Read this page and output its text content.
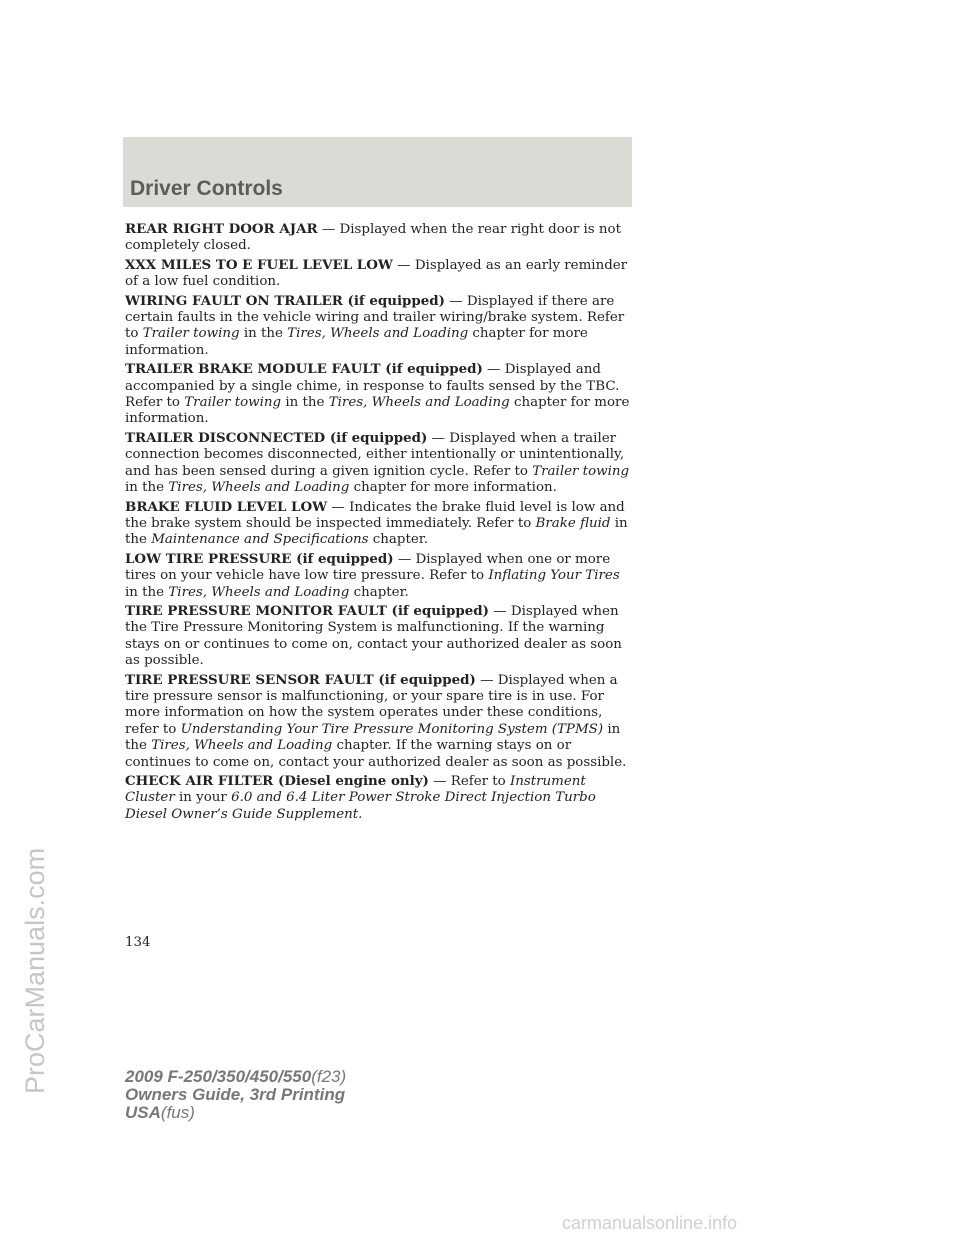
Driver Controls

REAR RIGHT DOOR AJAR — Displayed when the rear right door is not completely closed.

XXX MILES TO E FUEL LEVEL LOW — Displayed as an early reminder of a low fuel condition.

WIRING FAULT ON TRAILER (if equipped) — Displayed if there are certain faults in the vehicle wiring and trailer wiring/brake system. Refer to Trailer towing in the Tires, Wheels and Loading chapter for more information.

TRAILER BRAKE MODULE FAULT (if equipped) — Displayed and accompanied by a single chime, in response to faults sensed by the TBC. Refer to Trailer towing in the Tires, Wheels and Loading chapter for more information.

TRAILER DISCONNECTED (if equipped) — Displayed when a trailer connection becomes disconnected, either intentionally or unintentionally, and has been sensed during a given ignition cycle. Refer to Trailer towing in the Tires, Wheels and Loading chapter for more information.

BRAKE FLUID LEVEL LOW — Indicates the brake fluid level is low and the brake system should be inspected immediately. Refer to Brake fluid in the Maintenance and Specifications chapter.

LOW TIRE PRESSURE (if equipped) — Displayed when one or more tires on your vehicle have low tire pressure. Refer to Inflating Your Tires in the Tires, Wheels and Loading chapter.

TIRE PRESSURE MONITOR FAULT (if equipped) — Displayed when the Tire Pressure Monitoring System is malfunctioning. If the warning stays on or continues to come on, contact your authorized dealer as soon as possible.

TIRE PRESSURE SENSOR FAULT (if equipped) — Displayed when a tire pressure sensor is malfunctioning, or your spare tire is in use. For more information on how the system operates under these conditions, refer to Understanding Your Tire Pressure Monitoring System (TPMS) in the Tires, Wheels and Loading chapter. If the warning stays on or continues to come on, contact your authorized dealer as soon as possible.

CHECK AIR FILTER (Diesel engine only) — Refer to Instrument Cluster in your 6.0 and 6.4 Liter Power Stroke Direct Injection Turbo Diesel Owner’s Guide Supplement.

134
2009 F-250/350/450/550(f23)
Owners Guide, 3rd Printing
USA(fus)
ProCarManuals.com
carmanualsonline.info
